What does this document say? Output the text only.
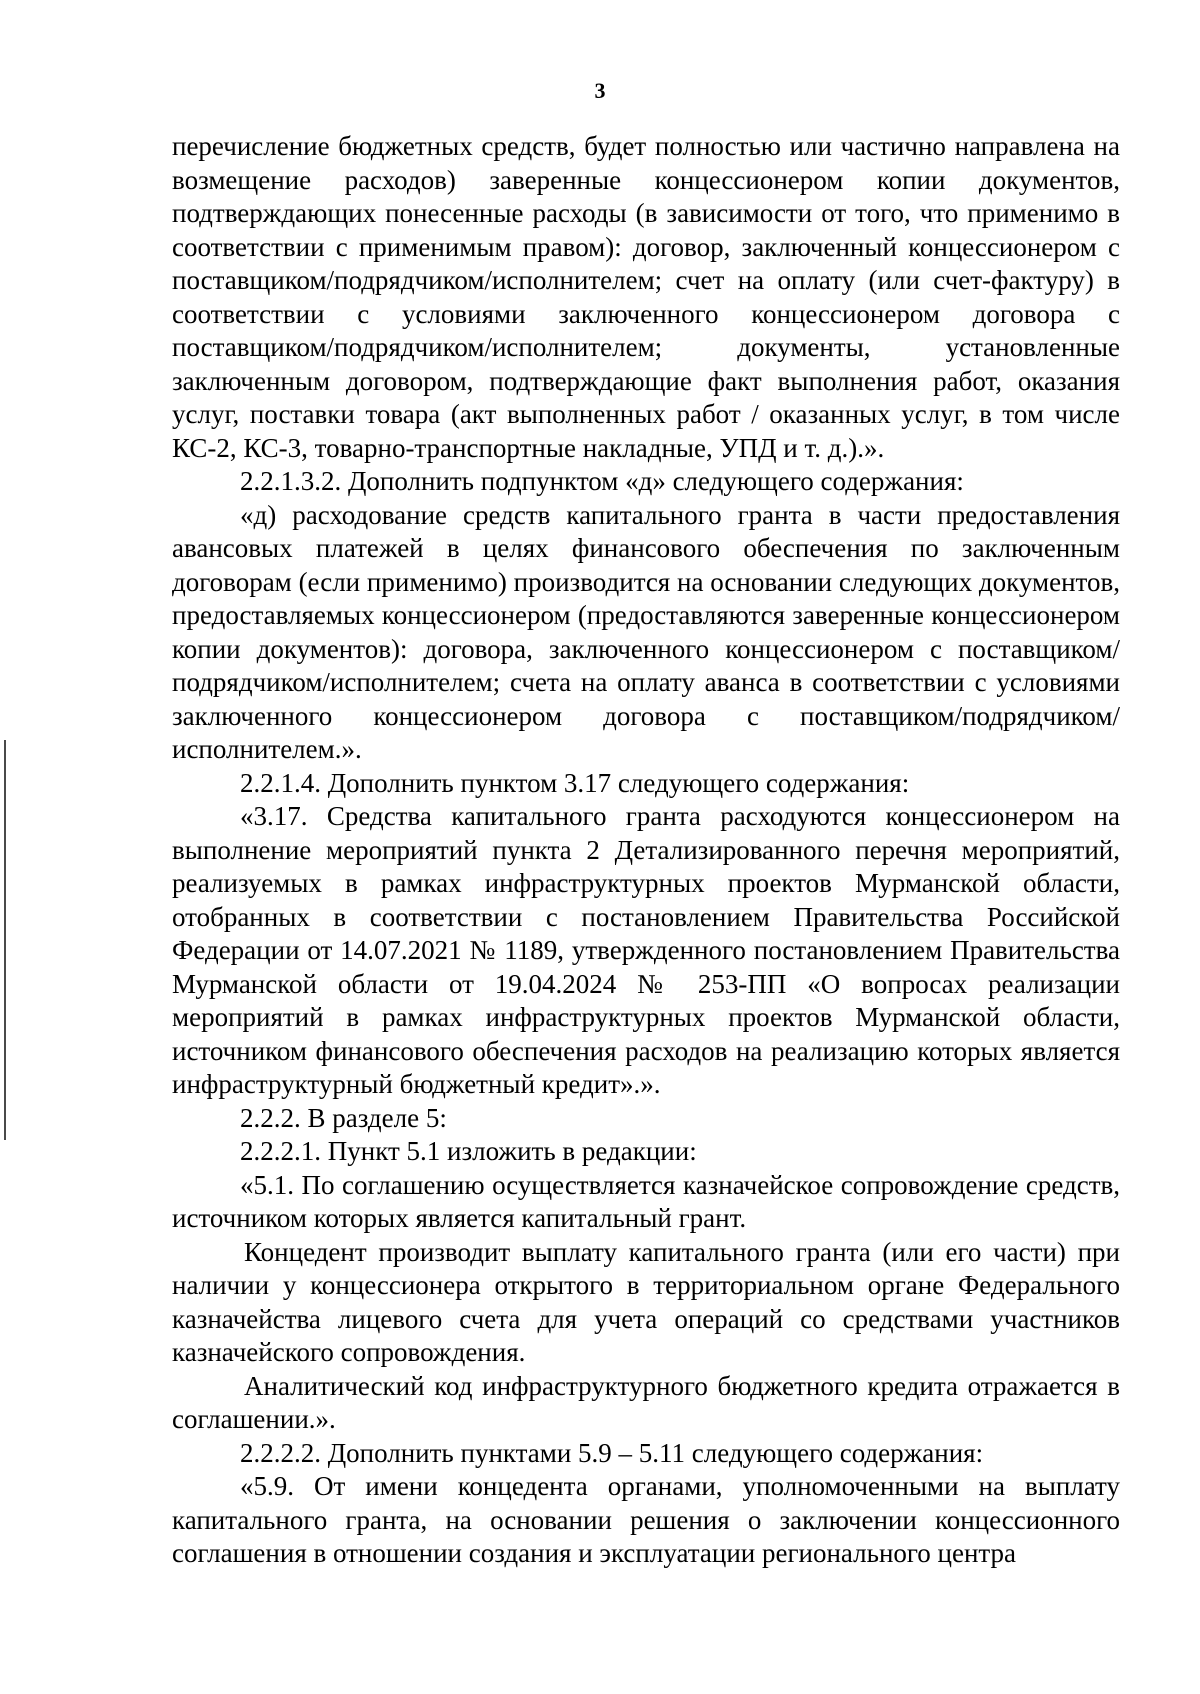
3

перечисление бюджетных средств, будет полностью или частично направлена на возмещение расходов) заверенные концессионером копии документов, подтверждающих понесенные расходы (в зависимости от того, что применимо в соответствии с применимым правом): договор, заключенный концессионером с поставщиком/подрядчиком/исполнителем; счет на оплату (или счет-фактуру) в соответствии с условиями заключенного концессионером договора с поставщиком/подрядчиком/исполнителем; документы, установленные заключенным договором, подтверждающие факт выполнения работ, оказания услуг, поставки товара (акт выполненных работ / оказанных услуг, в том числе КС-2, КС-3, товарно-транспортные накладные, УПД и т. д.).».

2.2.1.3.2. Дополнить подпунктом «д» следующего содержания:

«д) расходование средств капитального гранта в части предоставления авансовых платежей в целях финансового обеспечения по заключенным договорам (если применимо) производится на основании следующих документов, предоставляемых концессионером (предоставляются заверенные концессионером копии документов): договора, заключенного концессионером с поставщиком/подрядчиком/исполнителем; счета на оплату аванса в соответствии с условиями заключенного концессионером договора с поставщиком/подрядчиком/исполнителем.».

2.2.1.4. Дополнить пунктом 3.17 следующего содержания:

«3.17. Средства капитального гранта расходуются концессионером на выполнение мероприятий пункта 2 Детализированного перечня мероприятий, реализуемых в рамках инфраструктурных проектов Мурманской области, отобранных в соответствии с постановлением Правительства Российской Федерации от 14.07.2021 № 1189, утвержденного постановлением Правительства Мурманской области от 19.04.2024 № 253-ПП «О вопросах реализации мероприятий в рамках инфраструктурных проектов Мурманской области, источником финансового обеспечения расходов на реализацию которых является инфраструктурный бюджетный кредит».».

2.2.2. В разделе 5:

2.2.2.1. Пункт 5.1 изложить в редакции:

«5.1. По соглашению осуществляется казначейское сопровождение средств, источником которых является капитальный грант.

Концедент производит выплату капитального гранта (или его части) при наличии у концессионера открытого в территориальном органе Федерального казначейства лицевого счета для учета операций со средствами участников казначейского сопровождения.

Аналитический код инфраструктурного бюджетного кредита отражается в соглашении.».

2.2.2.2. Дополнить пунктами 5.9 – 5.11 следующего содержания:

«5.9. От имени концедента органами, уполномоченными на выплату капитального гранта, на основании решения о заключении концессионного соглашения в отношении создания и эксплуатации регионального центра
